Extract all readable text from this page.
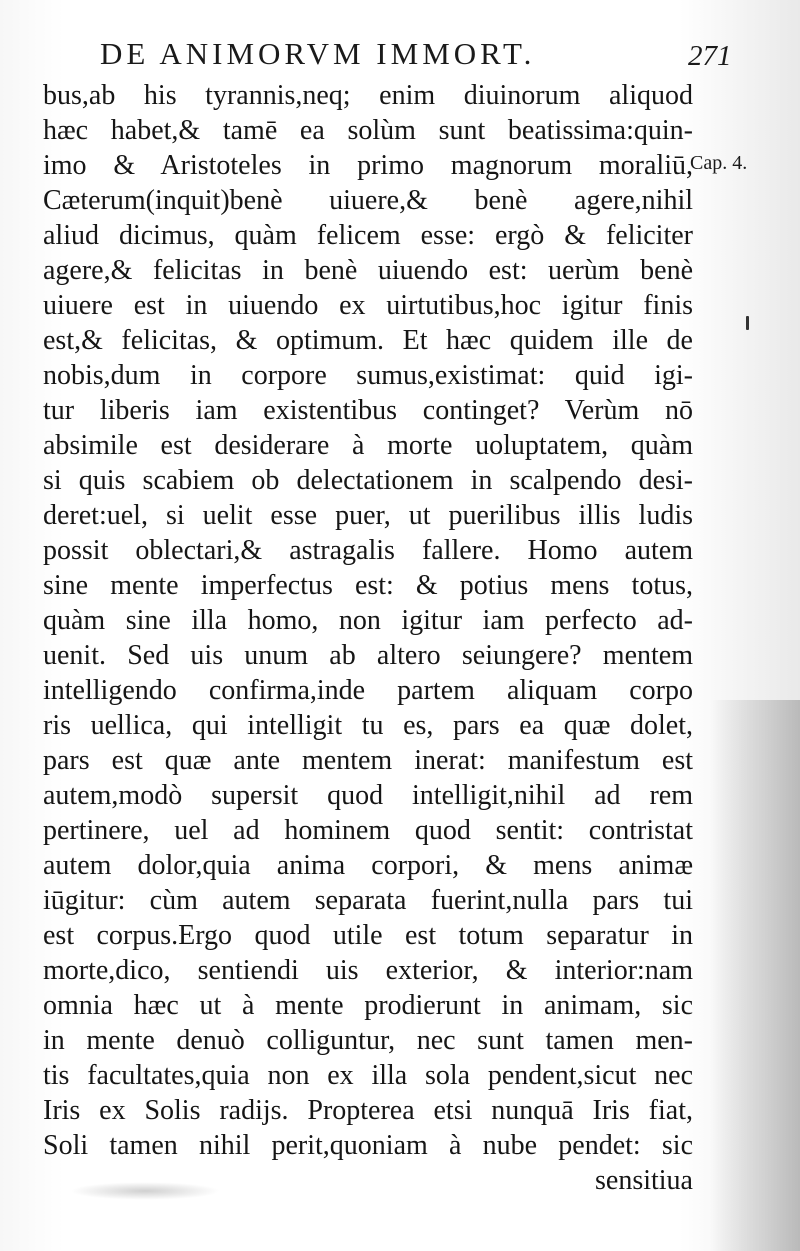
DE ANIMORVM IMMORT.	271
Cap. 4.
bus,ab his tyrannis,neq; enim diuinorum aliquod
hæc habet,& tamē ea solùm sunt beatissima:quin-
imo & Aristoteles in primo magnorum moraliū,
Cæterum(inquit)benè uiuere,& benè agere,nihil
aliud dicimus, quàm felicem esse: ergò & feliciter
agere,& felicitas in benè uiuendo est: uerùm benè
uiuere est in uiuendo ex uirtutibus,hoc igitur finis
est,& felicitas, & optimum. Et hæc quidem ille de
nobis,dum in corpore sumus,existimat: quid igi-
tur liberis iam existentibus continget? Verùm nō
absimile est desiderare à morte uoluptatem, quàm
si quis scabiem ob delectationem in scalpendo desi-
deret:uel, si uelit esse puer, ut puerilibus illis ludis
possit oblectari,& astragalis fallere. Homo autem
sine mente imperfectus est: & potius mens totus,
quàm sine illa homo, non igitur iam perfecto ad-
uenit. Sed uis unum ab altero seiungere? mentem
intelligendo confirma,inde partem aliquam corpo
ris uellica, qui intelligit tu es, pars ea quæ dolet,
pars est quæ ante mentem inerat: manifestum est
autem,modò supersit quod intelligit,nihil ad rem
pertinere, uel ad hominem quod sentit: contristat
autem dolor,quia anima corpori, & mens animæ
iūgitur: cùm autem separata fuerint,nulla pars tui
est corpus.Ergo quod utile est totum separatur in
morte,dico, sentiendi uis exterior, & interior:nam
omnia hæc ut à mente prodierunt in animam, sic
in mente denuò colliguntur, nec sunt tamen men-
tis facultates,quia non ex illa sola pendent,sicut nec
Iris ex Solis radijs. Propterea etsi nunquā Iris fiat,
Soli tamen nihil perit,quoniam à nube pendet: sic
sensitiua
